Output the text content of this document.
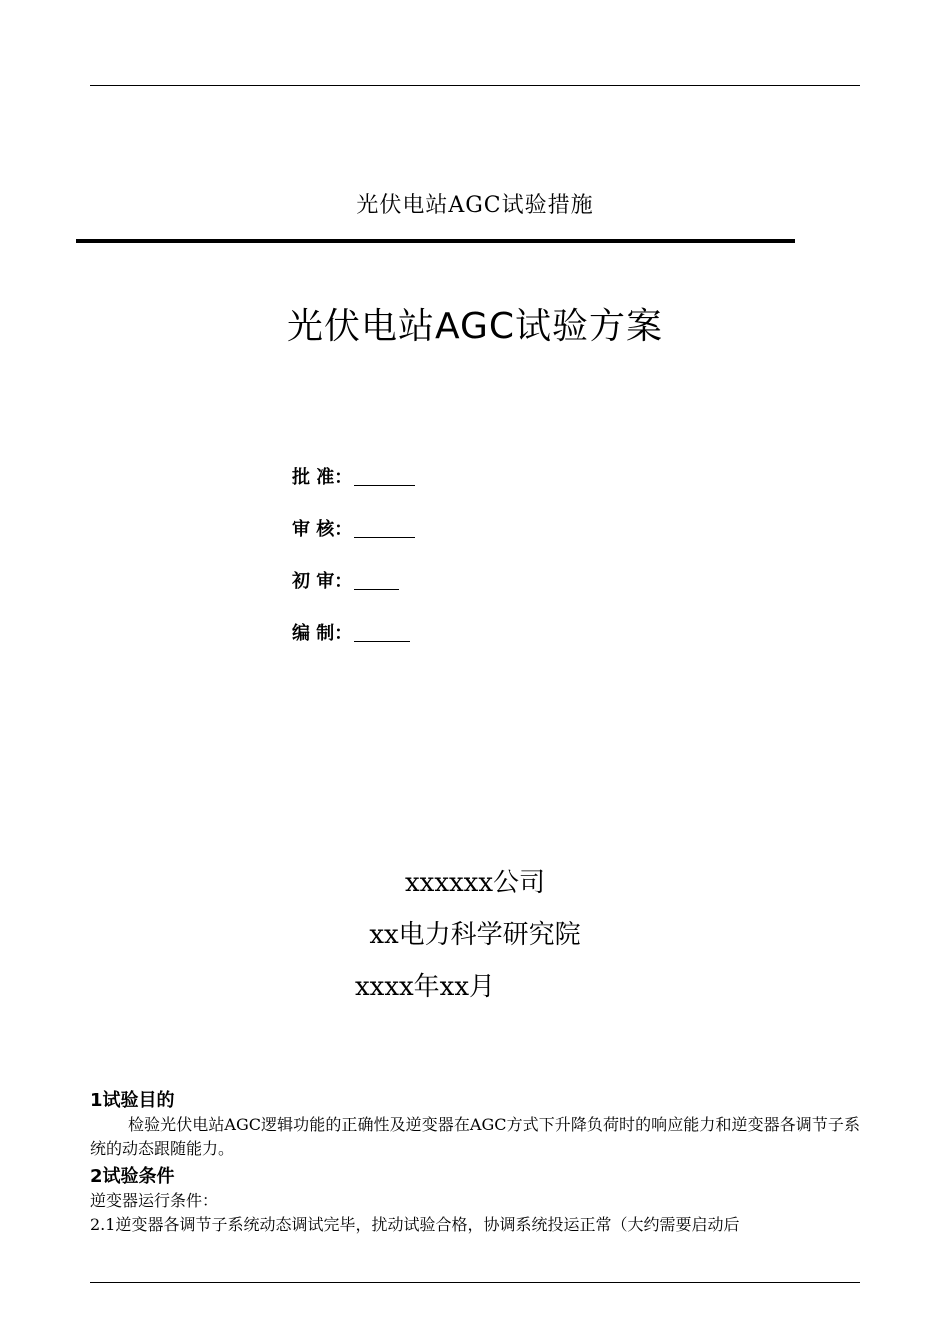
光伏电站AGC试验措施
光伏电站AGC试验方案
批 准：
审 核：
初 审：
编 制：
xxxxxx公司
xx电力科学研究院
xxxx年xx月
1试验目的
检验光伏电站AGC逻辑功能的正确性及逆变器在AGC方式下升降负荷时的响应能力和逆变器各调节子系统的动态跟随能力。
2试验条件
逆变器运行条件：
2.1逆变器各调节子系统动态调试完毕，扰动试验合格，协调系统投运正常（大约需要启动后
